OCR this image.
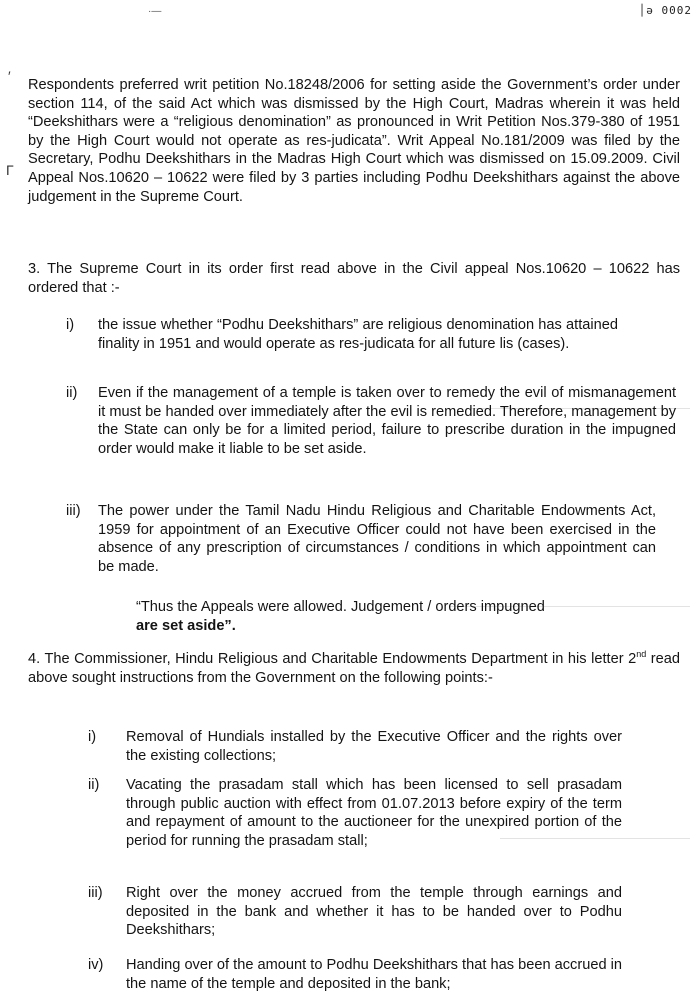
·—	│ə 0002
′
Γ

Respondents preferred writ petition No.18248/2006 for setting aside the Government’s order under section 114, of the said Act which was dismissed by the High Court, Madras wherein it was held “Deekshithars were a “religious denomination” as pronounced in Writ Petition Nos.379-380 of 1951 by the High Court would not operate as res-judicata”. Writ Appeal No.181/2009 was filed by the Secretary, Podhu Deekshithars in the Madras High Court which was dismissed on 15.09.2009. Civil Appeal Nos.10620 – 10622 were filed by 3 parties including Podhu Deekshithars against the above judgement in the Supreme Court.

3. The Supreme Court in its order first read above in the Civil appeal Nos.10620 – 10622 has ordered that :-

i) the issue whether “Podhu Deekshithars” are religious denomination has attained finality in 1951 and would operate as res-judicata for all future lis (cases).

ii) Even if the management of a temple is taken over to remedy the evil of mismanagement it must be handed over immediately after the evil is remedied. Therefore, management by the State can only be for a limited period, failure to prescribe duration in the impugned order would make it liable to be set aside.

iii) The power under the Tamil Nadu Hindu Religious and Charitable Endowments Act, 1959 for appointment of an Executive Officer could not have been exercised in the absence of any prescription of circumstances / conditions in which appointment can be made.

“Thus the Appeals were allowed. Judgement / orders impugned
are set aside”.

4. The Commissioner, Hindu Religious and Charitable Endowments Department in his letter 2nd read above sought instructions from the Government on the following points:-

i) Removal of Hundials installed by the Executive Officer and the rights over the existing collections;

ii) Vacating the prasadam stall which has been licensed to sell prasadam through public auction with effect from 01.07.2013 before expiry of the term and repayment of amount to the auctioneer for the unexpired portion of the period for running the prasadam stall;

iii) Right over the money accrued from the temple through earnings and deposited in the bank and whether it has to be handed over to Podhu Deekshithars;

iv) Handing over of the amount to Podhu Deekshithars that has been accrued in the name of the temple and deposited in the bank;
